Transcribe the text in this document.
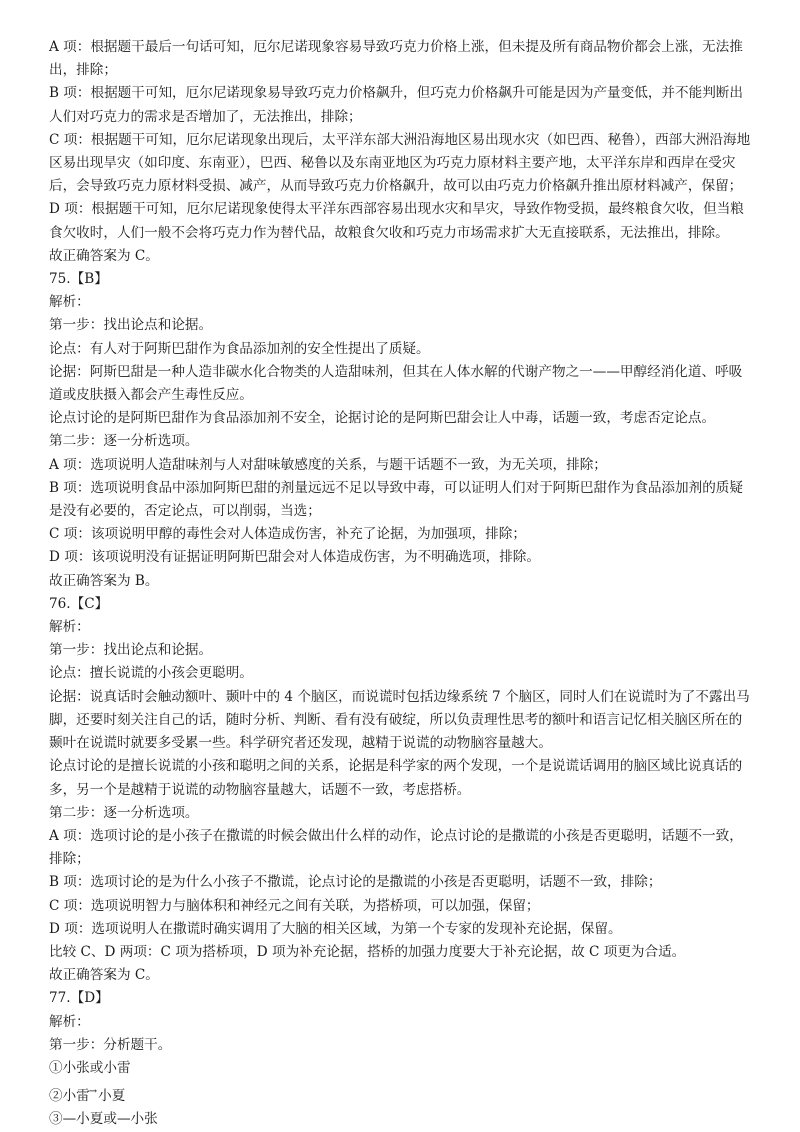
A 项：根据题干最后一句话可知，厄尔尼诺现象容易导致巧克力价格上涨，但未提及所有商品物价都会上涨，无法推出，排除；

B 项：根据题干可知，厄尔尼诺现象易导致巧克力价格飙升，但巧克力价格飙升可能是因为产量变低，并不能判断出人们对巧克力的需求是否增加了，无法推出，排除；

C 项：根据题干可知，厄尔尼诺现象出现后，太平洋东部大洲沿海地区易出现水灾（如巴西、秘鲁），西部大洲沿海地区易出现旱灾（如印度、东南亚），巴西、秘鲁以及东南亚地区为巧克力原材料主要产地，太平洋东岸和西岸在受灾后，会导致巧克力原材料受损、减产，从而导致巧克力价格飙升，故可以由巧克力价格飙升推出原材料减产，保留；

D 项：根据题干可知，厄尔尼诺现象使得太平洋东西部容易出现水灾和旱灾，导致作物受损，最终粮食欠收，但当粮食欠收时，人们一般不会将巧克力作为替代品，故粮食欠收和巧克力市场需求扩大无直接联系，无法推出，排除。

故正确答案为 C。

75.【B】

解析：

第一步：找出论点和论据。

论点：有人对于阿斯巴甜作为食品添加剂的安全性提出了质疑。

论据：阿斯巴甜是一种人造非碳水化合物类的人造甜味剂，但其在人体水解的代谢产物之一——甲醇经消化道、呼吸道或皮肤摄入都会产生毒性反应。

论点讨论的是阿斯巴甜作为食品添加剂不安全，论据讨论的是阿斯巴甜会让人中毒，话题一致，考虑否定论点。

第二步：逐一分析选项。

A 项：选项说明人造甜味剂与人对甜味敏感度的关系，与题干话题不一致，为无关项，排除；

B 项：选项说明食品中添加阿斯巴甜的剂量远远不足以导致中毒，可以证明人们对于阿斯巴甜作为食品添加剂的质疑是没有必要的，否定论点，可以削弱，当选；

C 项：该项说明甲醇的毒性会对人体造成伤害，补充了论据，为加强项，排除；

D 项：该项说明没有证据证明阿斯巴甜会对人体造成伤害，为不明确选项，排除。

故正确答案为 B。

76.【C】

解析：

第一步：找出论点和论据。

论点：擅长说谎的小孩会更聪明。

论据：说真话时会触动额叶、颞叶中的 4 个脑区，而说谎时包括边缘系统 7 个脑区，同时人们在说谎时为了不露出马脚，还要时刻关注自己的话，随时分析、判断、看有没有破绽，所以负责理性思考的额叶和语言记忆相关脑区所在的颞叶在说谎时就要多受累一些。科学研究者还发现，越精于说谎的动物脑容量越大。

论点讨论的是擅长说谎的小孩和聪明之间的关系，论据是科学家的两个发现，一个是说谎话调用的脑区域比说真话的多，另一个是越精于说谎的动物脑容量越大，话题不一致，考虑搭桥。

第二步：逐一分析选项。

A 项：选项讨论的是小孩子在撒谎的时候会做出什么样的动作，论点讨论的是撒谎的小孩是否更聪明，话题不一致，排除；

B 项：选项讨论的是为什么小孩子不撒谎，论点讨论的是撒谎的小孩是否更聪明，话题不一致，排除；

C 项：选项说明智力与脑体积和神经元之间有关联，为搭桥项，可以加强，保留；

D 项：选项说明人在撒谎时确实调用了大脑的相关区域，为第一个专家的发现补充论据，保留。

比较 C、D 两项：C 项为搭桥项，D 项为补充论据，搭桥的加强力度要大于补充论据，故 C 项更为合适。

故正确答案为 C。

77.【D】

解析：

第一步：分析题干。

①小张或小雷

②小雷→小夏

③—小夏或—小张
